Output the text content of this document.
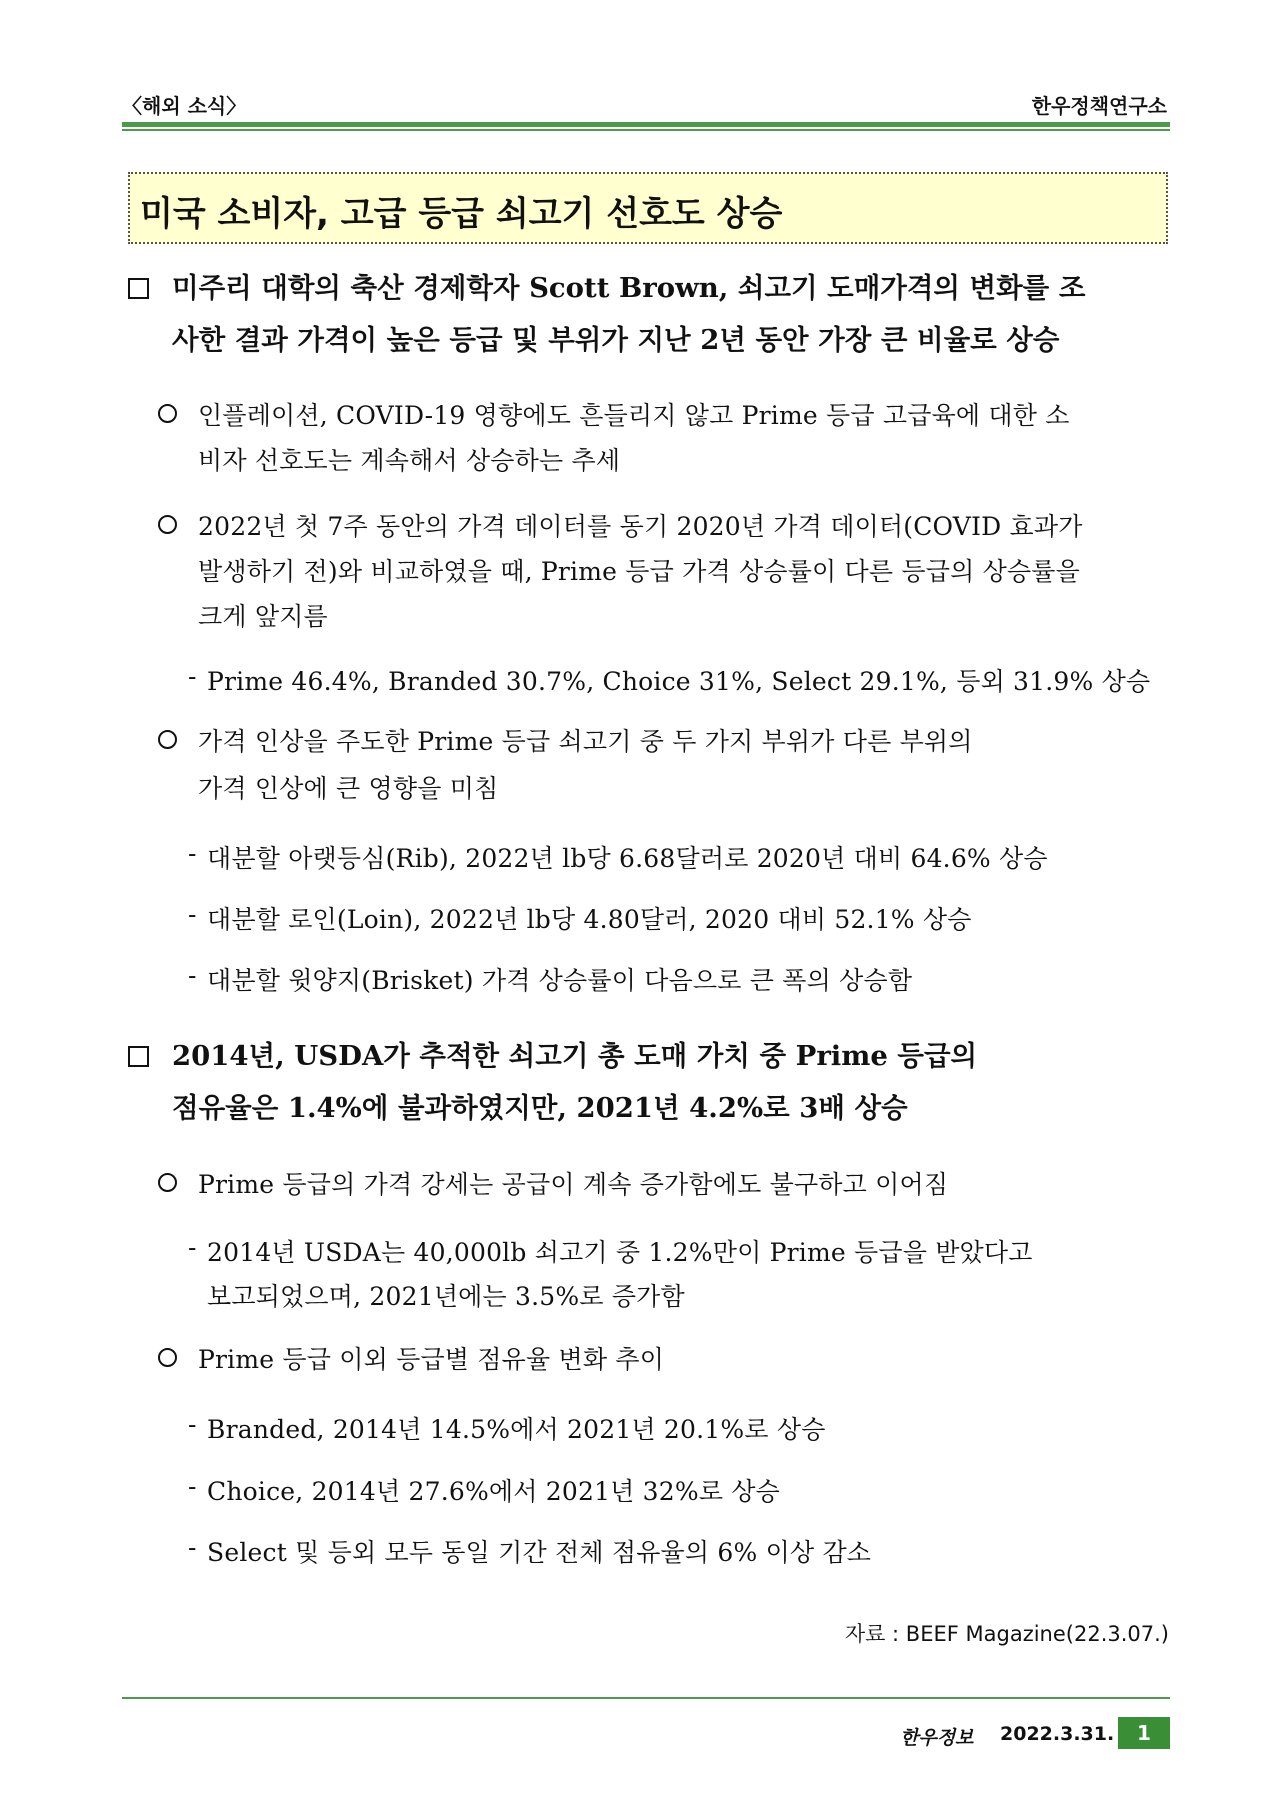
〈해외 소식〉	한우정책연구소
미국 소비자, 고급 등급 쇠고기 선호도 상승
미주리 대학의 축산 경제학자 Scott Brown, 쇠고기 도매가격의 변화를 조
사한 결과 가격이 높은 등급 및 부위가 지난 2년 동안 가장 큰 비율로 상승
인플레이션, COVID-19 영향에도 흔들리지 않고 Prime 등급 고급육에 대한 소
비자 선호도는 계속해서 상승하는 추세
2022년 첫 7주 동안의 가격 데이터를 동기 2020년 가격 데이터(COVID 효과가
발생하기 전)와 비교하였을 때, Prime 등급 가격 상승률이 다른 등급의 상승률을
크게 앞지름
- Prime 46.4%, Branded 30.7%, Choice 31%, Select 29.1%, 등외 31.9% 상승
가격 인상을 주도한 Prime 등급 쇠고기 중 두 가지 부위가 다른 부위의
가격 인상에 큰 영향을 미침
- 대분할 아랫등심(Rib), 2022년 lb당 6.68달러로 2020년 대비 64.6% 상승
- 대분할 로인(Loin), 2022년 lb당 4.80달러, 2020 대비 52.1% 상승
- 대분할 윗양지(Brisket) 가격 상승률이 다음으로 큰 폭의 상승함
2014년, USDA가 추적한 쇠고기 총 도매 가치 중 Prime 등급의
점유율은 1.4%에 불과하였지만, 2021년 4.2%로 3배 상승
Prime 등급의 가격 강세는 공급이 계속 증가함에도 불구하고 이어짐
- 2014년 USDA는 40,000lb 쇠고기 중 1.2%만이 Prime 등급을 받았다고
보고되었으며, 2021년에는 3.5%로 증가함
Prime 등급 이외 등급별 점유율 변화 추이
- Branded, 2014년 14.5%에서 2021년 20.1%로 상승
- Choice, 2014년 27.6%에서 2021년 32%로 상승
- Select 및 등외 모두 동일 기간 전체 점유율의 6% 이상 감소
자료 : BEEF Magazine(22.3.07.)
한우정보 2022.3.31.	1
